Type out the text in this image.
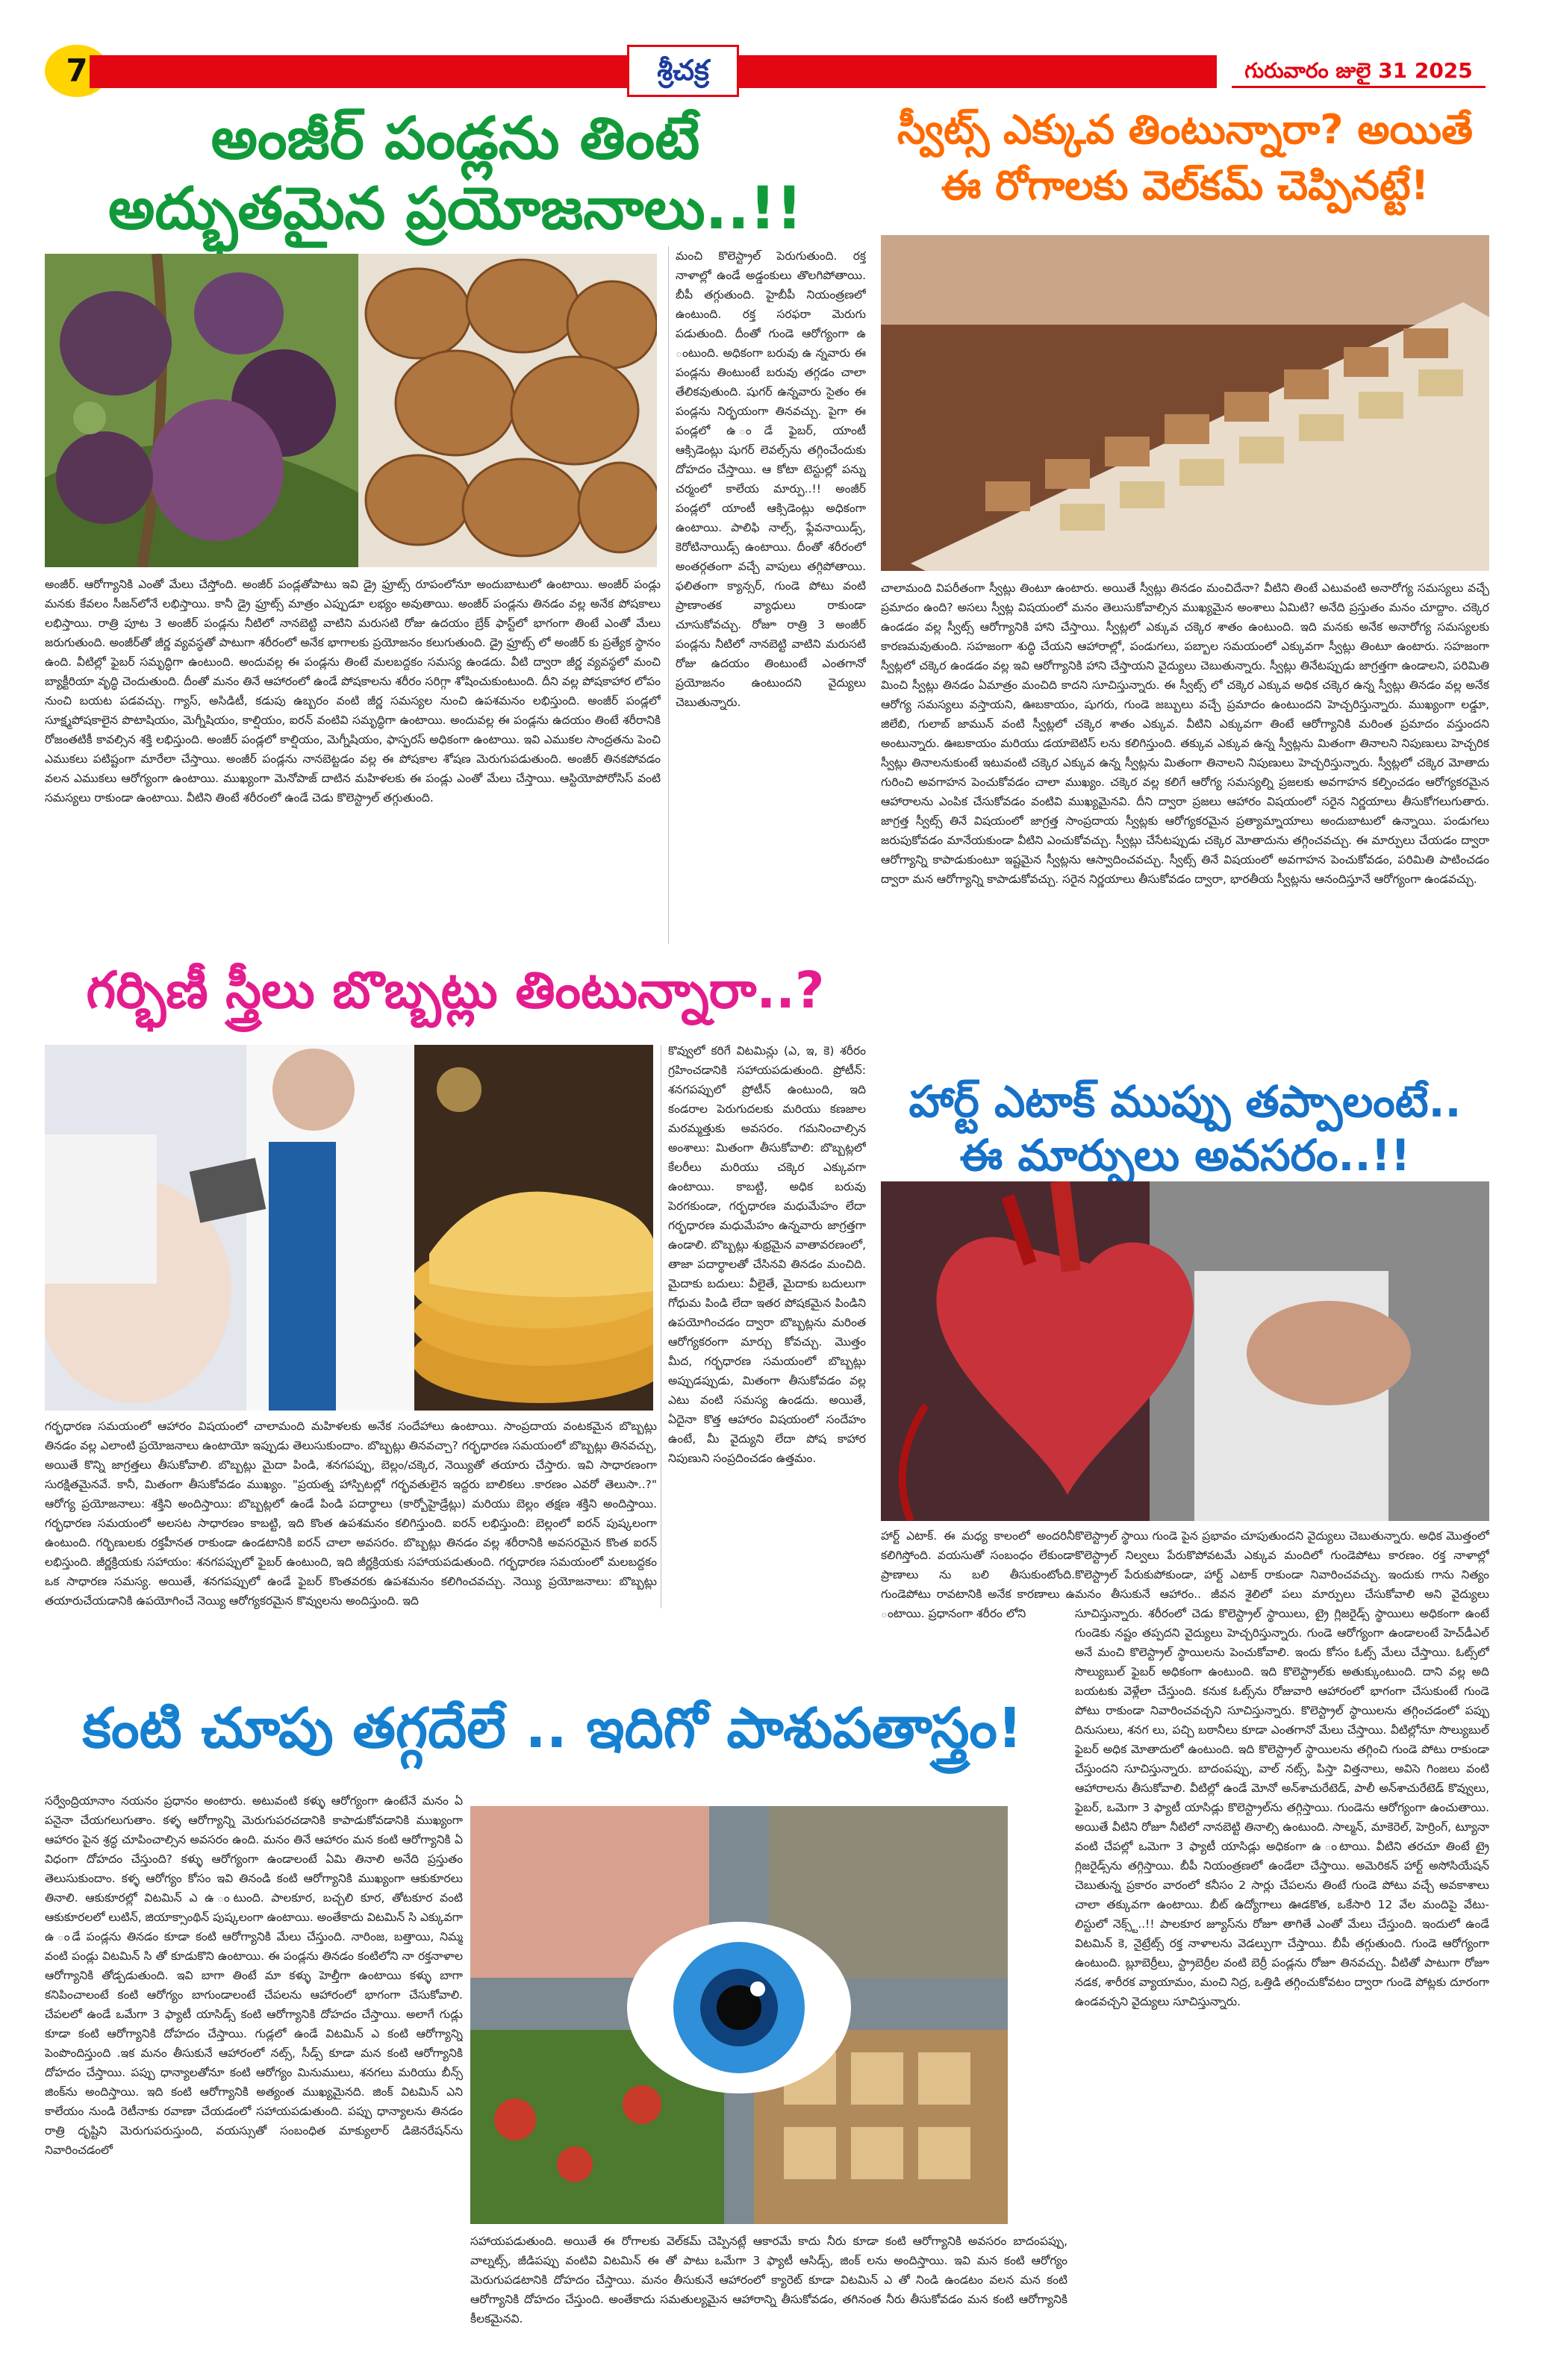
7	శ్రీచక్ర	గురువారం జులై 31 2025
అంజీర్ పండ్లను తింటే
అద్భుతమైన ప్రయోజనాలు..!!
మంచి కొలెస్ట్రాల్ పెరుగుతుంది. రక్త నాళాల్లో ఉండే అడ్డంకులు తొలగిపోతాయి. బీపీ తగ్గుతుంది. హైబీపీ నియంత్రణలో ఉంటుంది. రక్త సరఫరా మెరుగు పడుతుంది. దీంతో గుండె ఆరోగ్యంగా ఉ ంటుంది. అధికంగా బరువు ఉ న్నవారు ఈ పండ్లను తింటుంటే బరువు తగ్గడం చాలా తేలికవుతుంది. షుగర్ ఉన్నవారు సైతం ఈ పండ్లను నిర్భయంగా తినవచ్చు. పైగా ఈ పండ్లలో ఉ ండే ఫైబర్, యాంటీ ఆక్సిడెంట్లు షుగర్ లెవల్స్‌ను తగ్గించేందుకు దోహదం చేస్తాయి. ఆ కోటా టెస్టుల్లో పన్ను చర్మంలో కాలేయ మార్పు..!! అంజీర్ పండ్లలో యాంటీ ఆక్సిడెంట్లు అధికంగా ఉంటాయి. పాలిఫి నాల్స్, ఫ్లేవనాయిడ్స్, కెరోటినాయిడ్స్ ఉంటాయి. దీంతో శరీరంలో అంతర్గతంగా వచ్చే వాపులు తగ్గిపోతాయి. ఫలితంగా క్యాన్సర్, గుండె పోటు వంటి ప్రాణాంతక వ్యాధులు రాకుండా చూసుకోవచ్చు. రోజూ రాత్రి 3 అంజీర్ పండ్లను నీటిలో నానబెట్టి వాటిని మరుసటి రోజు ఉదయం తింటుంటే ఎంతగానో ప్రయోజనం ఉంటుందని వైద్యులు చెబుతున్నారు.
అంజీర్. ఆరోగ్యానికి ఎంతో మేలు చేస్తోంది. అంజీర్ పండ్లతోపాటు ఇవి డ్రై ఫ్రూట్స్ రూపంలోనూ అందుబాటులో ఉంటాయి. అంజీర్ పండ్లు మనకు కేవలం సీజన్‌లోనే లభిస్తాయి. కానీ డ్రై ఫ్రూట్స్ మాత్రం ఎప్పుడూ లభ్యం అవుతాయి. అంజీర్ పండ్లను తినడం వల్ల అనేక పోషకాలు లభిస్తాయి. రాత్రి పూట 3 అంజీర్ పండ్లను నీటిలో నానబెట్టి వాటిని మరుసటి రోజు ఉదయం బ్రేక్ ఫాస్ట్‌లో భాగంగా తింటే ఎంతో మేలు జరుగుతుంది. అంజీర్‌తో జీర్ణ వ్యవస్థతో పాటుగా శరీరంలో అనేక భాగాలకు ప్రయోజనం కలుగుతుంది. డ్రై ఫ్రూట్స్ లో అంజీర్ కు ప్రత్యేక స్థానం ఉంది. వీటిల్లో ఫైబర్ సమృద్ధిగా ఉంటుంది. అందువల్ల ఈ పండ్లను తింటే మలబద్దకం సమస్య ఉండదు. వీటి ద్వారా జీర్ణ వ్యవస్థలో మంచి బ్యాక్టీరియా వృద్ధి చెందుతుంది. దీంతో మనం తినే ఆహారంలో ఉండే పోషకాలను శరీరం సరిగ్గా శోషించుకుంటుంది. దీని వల్ల పోషకాహార లోపం నుంచి బయట పడవచ్చు. గ్యాస్, అసిడిటీ, కడుపు ఉబ్బరం వంటి జీర్ణ సమస్యల నుంచి ఉపశమనం లభిస్తుంది. అంజీర్ పండ్లలో సూక్ష్మపోషకాలైన పొటాషియం, మెగ్నీషియం, కాల్షియం, ఐరన్ వంటివి సమృద్ధిగా ఉంటాయి. అందువల్ల ఈ పండ్లను ఉదయం తింటే శరీరానికి రోజంతటికీ కావల్సిన శక్తి లభిస్తుంది. అంజీర్ పండ్లలో కాల్షియం, మెగ్నీషియం, ఫాస్ఫరస్ అధికంగా ఉంటాయి. ఇవి ఎముకల సాంద్రతను పెంచి ఎముకలు పటిష్టంగా మారేలా చేస్తాయి. అంజీర్ పండ్లను నానబెట్టడం వల్ల ఈ పోషకాల శోషణ మెరుగుపడుతుంది. అంజీర్ తినకపోవడం వలన ఎముకలు ఆరోగ్యంగా ఉంటాయి. ముఖ్యంగా మెనోపాజ్ దాటిన మహిళలకు ఈ పండ్లు ఎంతో మేలు చేస్తాయి. ఆస్టియోపోరోసిస్ వంటి సమస్యలు రాకుండా ఉంటాయి. వీటిని తింటే శరీరంలో ఉండే చెడు కొలెస్ట్రాల్ తగ్గుతుంది.
స్వీట్స్ ఎక్కువ తింటున్నారా? అయితే
ఈ రోగాలకు వెల్‌కమ్ చెప్పినట్టే!
చాలామంది విపరీతంగా స్వీట్లు తింటూ ఉంటారు. అయితే స్వీట్లు తినడం మంచిదేనా? వీటిని తింటే ఎటువంటి అనారోగ్య సమస్యలు వచ్చే ప్రమాదం ఉంది? అసలు స్వీట్ల విషయంలో మనం తెలుసుకోవాల్సిన ముఖ్యమైన అంశాలు ఏమిటి? అనేది ప్రస్తుతం మనం చూద్దాం. చక్కెర ఉండడం వల్ల స్వీట్స్ ఆరోగ్యానికి హాని చేస్తాయి. స్వీట్లలో ఎక్కువ చక్కెర శాతం ఉంటుంది. ఇది మనకు అనేక అనారోగ్య సమస్యలకు కారణమవుతుంది. సహజంగా శుద్ధి చేయని ఆహారాల్లో, పండుగలు, పబ్బాల సమయంలో ఎక్కువగా స్వీట్లు తింటూ ఉంటారు. సహజంగా స్వీట్లలో చక్కెర ఉండడం వల్ల ఇవి ఆరోగ్యానికి హాని చేస్తాయని వైద్యులు చెబుతున్నారు. స్వీట్లు తినేటప్పుడు జాగ్రత్తగా ఉండాలని, పరిమితి మించి స్వీట్లు తినడం ఏమాత్రం మంచిది కాదని సూచిస్తున్నారు. ఈ స్వీట్స్ లో చక్కెర ఎక్కువ అధిక చక్కెర ఉన్న స్వీట్లు తినడం వల్ల అనేక ఆరోగ్య సమస్యలు వస్తాయని, ఊబకాయం, షుగరు, గుండె జబ్బులు వచ్చే ప్రమాదం ఉంటుందని హెచ్చరిస్తున్నారు. ముఖ్యంగా లడ్డూ, జిలేబి, గులాబ్ జామున్ వంటి స్వీట్లలో చక్కెర శాతం ఎక్కువ. వీటిని ఎక్కువగా తింటే ఆరోగ్యానికి మరింత ప్రమాదం వస్తుందని అంటున్నారు. ఊబకాయం మరియు డయాబెటిస్ లను కలిగిస్తుంది. తక్కువ ఎక్కువ ఉన్న స్వీట్లను మితంగా తినాలని నిపుణులు హెచ్చరిక స్వీట్లు తినాలనుకుంటే ఇటువంటి చక్కెర ఎక్కువ ఉన్న స్వీట్లను మితంగా తినాలని నిపుణులు హెచ్చరిస్తున్నారు. స్వీట్లలో చక్కెర మోతాదు గురించి అవగాహన పెంచుకోవడం చాలా ముఖ్యం. చక్కెర వల్ల కలిగే ఆరోగ్య సమస్యల్ని ప్రజలకు అవగాహన కల్పించడం ఆరోగ్యకరమైన ఆహారాలను ఎంపిక చేసుకోవడం వంటివి ముఖ్యమైనవి. దీని ద్వారా ప్రజలు ఆహారం విషయంలో సరైన నిర్ణయాలు తీసుకోగలుగుతారు. జాగ్రత్త స్వీట్స్ తినే విషయంలో జాగ్రత్త సాంప్రదాయ స్వీట్లకు ఆరోగ్యకరమైన ప్రత్యామ్నాయాలు అందుబాటులో ఉన్నాయి. పండుగలు జరుపుకోవడం మానేయకుండా వీటిని ఎంచుకోవచ్చు. స్వీట్లు చేసేటప్పుడు చక్కెర మోతాదును తగ్గించవచ్చు. ఈ మార్పులు చేయడం ద్వారా ఆరోగ్యాన్ని కాపాడుకుంటూ ఇష్టమైన స్వీట్లను ఆస్వాదించవచ్చు. స్వీట్స్ తినే విషయంలో అవగాహన పెంచుకోవడం, పరిమితి పాటించడం ద్వారా మన ఆరోగ్యాన్ని కాపాడుకోవచ్చు. సరైన నిర్ణయాలు తీసుకోవడం ద్వారా, భారతీయ స్వీట్లను ఆనందిస్తూనే ఆరోగ్యంగా ఉండవచ్చు.
గర్భిణీ స్త్రీలు బొబ్బట్లు తింటున్నారా..?
కొవ్వులో కరిగే విటమిన్లు (ఎ, ఇ, కె) శరీరం గ్రహించడానికి సహాయపడుతుంది. ప్రోటీన్: శనగపప్పులో ప్రోటీన్ ఉంటుంది, ఇది కండరాల పెరుగుదలకు మరియు కణజాల మరమ్మత్తుకు అవసరం. గమనించాల్సిన అంశాలు: మితంగా తీసుకోవాలి: బొబ్బట్లలో కేలరీలు మరియు చక్కెర ఎక్కువగా ఉంటాయి. కాబట్టి, అధిక బరువు పెరగకుండా, గర్భధారణ మధుమేహం లేదా గర్భధారణ మధుమేహం ఉన్నవారు జాగ్రత్తగా ఉండాలి. బొబ్బట్లు శుభ్రమైన వాతావరణంలో, తాజా పదార్థాలతో చేసినవి తినడం మంచిది. మైదాకు బదులు: వీలైతే, మైదాకు బదులుగా గోధుమ పిండి లేదా ఇతర పోషకమైన పిండిని ఉపయోగించడం ద్వారా బొబ్బట్లను మరింత ఆరోగ్యకరంగా మార్చు కోవచ్చు. మొత్తం మీద, గర్భధారణ సమయంలో బొబ్బట్లు అప్పుడప్పుడు, మితంగా తీసుకోవడం వల్ల ఎటు వంటి సమస్య ఉండదు. అయితే, ఏదైనా కొత్త ఆహారం విషయంలో సందేహం ఉంటే, మీ వైద్యుని లేదా పోష కాహార నిపుణుని సంప్రదించడం ఉత్తమం.
గర్భధారణ సమయంలో ఆహారం విషయంలో చాలామంది మహిళలకు అనేక సందేహాలు ఉంటాయి. సాంప్రదాయ వంటకమైన బొబ్బట్లు తినడం వల్ల ఎలాంటి ప్రయోజనాలు ఉంటాయో ఇప్పుడు తెలుసుకుందాం. బొబ్బట్లు తినవచ్చా? గర్భధారణ సమయంలో బొబ్బట్లు తినవచ్చు, అయితే కొన్ని జాగ్రత్తలు తీసుకోవాలి. బొబ్బట్లు మైదా పిండి, శనగపప్పు, బెల్లం/చక్కెర, నెయ్యితో తయారు చేస్తారు. ఇవి సాధారణంగా సురక్షితమైనవే. కానీ, మితంగా తీసుకోవడం ముఖ్యం. "ప్రయత్న హాస్పిటల్లో గర్భవతులైన ఇద్దరు బాలికలు .కారణం ఎవరో తెలుసా..?" ఆరోగ్య ప్రయోజనాలు: శక్తిని అందిస్తాయి: బొబ్బట్లలో ఉండే పిండి పదార్థాలు (కార్బోహైడ్రేట్లు) మరియు బెల్లం తక్షణ శక్తిని అందిస్తాయి. గర్భధారణ సమయంలో అలసట సాధారణం కాబట్టి, ఇది కొంత ఉపశమనం కలిగిస్తుంది. ఐరన్ లభిస్తుంది: బెల్లంలో ఐరన్ పుష్కలంగా ఉంటుంది. గర్భిణులకు రక్తహీనత రాకుండా ఉండటానికి ఐరన్ చాలా అవసరం. బొబ్బట్లు తినడం వల్ల శరీరానికి అవసరమైన కొంత ఐరన్ లభిస్తుంది. జీర్ణక్రియకు సహాయం: శనగపప్పులో ఫైబర్ ఉంటుంది, ఇది జీర్ణక్రియకు సహాయపడుతుంది. గర్భధారణ సమయంలో మలబద్దకం ఒక సాధారణ సమస్య. అయితే, శనగపప్పులో ఉండే ఫైబర్ కొంతవరకు ఉపశమనం కలిగించవచ్చు. నెయ్యి ప్రయోజనాలు: బొబ్బట్లు తయారుచేయడానికి ఉపయోగించే నెయ్యి ఆరోగ్యకరమైన కొవ్వులను అందిస్తుంది. ఇది
హార్ట్ ఎటాక్ ముప్పు తప్పాలంటే..
ఈ మార్పులు అవసరం..!!
హార్ట్ ఎటాక్. ఈ మధ్య కాలంలో అందరినీ కలిగిస్తోంది. వయసుతో సంబంధం లేకుండా ప్రాణాలు ను బలి తీసుకుంటోంది. గుండెపోటు రావటానికి అనేక కారణాలు ఉ ంటాయి. ప్రధానంగా శరీరం లోని
కొలెస్ట్రాల్ స్థాయి గుండె పైన ప్రభావం చూపుతుందని వైద్యులు చెబుతున్నారు. అధిక మొత్తంలో కొలెస్ట్రాల్ నిల్వలు పేరుకొపోవటమే ఎక్కువ మందిలో గుండెపోటు కారణం. రక్త నాళాల్లో కొలెస్ట్రాల్ పేరుకుపోకుండా, హార్ట్ ఎటాక్ రాకుండా నివారించవచ్చు. ఇందుకు గాను నిత్యం మనం తీసుకునే ఆహారం.. జీవన శైలిలో పలు మార్పులు చేసుకోవాలి అని వైద్యులు సూచిస్తున్నారు. శరీరంలో చెడు కొలెస్ట్రాల్ స్థాయిలు, ట్రై గ్లిజరైడ్స్ స్థాయిలు అధికంగా ఉంటే గుండెకు నష్టం తప్పదని వైద్యులు హెచ్చరిస్తున్నారు. గుండె ఆరోగ్యంగా ఉండాలంటే హెచ్‌డీఎల్ అనే మంచి కొలెస్ట్రాల్ స్థాయిలను పెంచుకోవాలి. ఇందు కోసం ఓట్స్ మేలు చేస్తాయి. ఓట్స్‌లో సొల్యుబుల్ ఫైబర్ అధికంగా ఉంటుంది. ఇది కొలెస్ట్రాల్‌కు అతుక్కుంటుంది. దాని వల్ల అది బయటకు వెళ్లేలా చేస్తుంది. కనుక ఓట్స్‌ను రోజువారి ఆహారంలో భాగంగా చేసుకుంటే గుండె పోటు రాకుండా నివారించవచ్చని సూచిస్తున్నారు. కొలెస్ట్రాల్ స్థాయిలను తగ్గించడంలో పప్పు దినుసులు, శనగ లు, పచ్చి బఠానీలు కూడా ఎంతగానో మేలు చేస్తాయి. వీటిల్లోనూ సొల్యుబుల్ ఫైబర్ అధిక మోతాదులో ఉంటుంది. ఇది కొలెస్ట్రాల్ స్థాయిలను తగ్గించి గుండె పోటు రాకుండా చేస్తుందని సూచిస్తున్నారు. బాదంపప్పు, వాల్ నట్స్, పిస్తా విత్తనాలు, అవిసె గింజలు వంటి ఆహారాలను తీసుకోవాలి. వీటిల్లో ఉండే మోనో అన్‌శాచురేటెడ్, పాలీ అన్‌శాచురేటెడ్ కొవ్వులు, ఫైబర్, ఒమెగా 3 ఫ్యాటీ యాసిడ్లు కొలెస్ట్రాల్‌ను తగ్గిస్తాయి. గుండెను ఆరోగ్యంగా ఉంచుతాయి. అయితే వీటిని రోజూ నీటిలో నానబెట్టి తినాల్సి ఉంటుంది. సాల్మన్, మాకెరెల్, హెర్రింగ్, ట్యూనా వంటి చేపల్లో ఒమెగా 3 ఫ్యాటీ యాసిడ్లు అధికంగా ఉ ంటాయి. వీటిని తరచూ తింటే ట్రై గ్లిజరైడ్స్‌ను తగ్గిస్తాయి. బీపీ నియంత్రణలో ఉండేలా చేస్తాయి. అమెరికన్ హార్ట్ అసోసియేషన్ చెబుతున్న ప్రకారం వారంలో కనీసం 2 సార్లు చేపలను తింటే గుండె పోటు వచ్చే అవకాశాలు చాలా తక్కువగా ఉంటాయి. బీట్ ఉద్యోగాలు ఊడకొత, ఒకేసారి 12 వేల మందిపై వేటు- లిస్టులో నెక్స్ట్..!! పాలకూర జ్యూస్‌ను రోజూ తాగితే ఎంతో మేలు చేస్తుంది. ఇందులో ఉండే విటమిన్ కె, నైట్రేట్స్ రక్త నాళాలను వెడల్పుగా చేస్తాయి. బీపీ తగ్గుతుంది. గుండె ఆరోగ్యంగా ఉంటుంది. బ్లూబెర్రీలు, స్ట్రాబెర్రీల వంటి బెర్రీ పండ్లను రోజూ తినవచ్చు. వీటితో పాటుగా రోజూ నడక, శారీరక వ్యాయామం, మంచి నిద్ర, ఒత్తిడి తగ్గించుకోవటం ద్వారా గుండె పోట్లకు దూరంగా ఉండవచ్చని వైద్యులు సూచిస్తున్నారు.
కంటి చూపు తగ్గదేలే .. ఇదిగో పాశుపతాస్త్రం!
సర్వేంద్రియానాం నయనం ప్రధానం అంటారు. అటువంటి కళ్ళు ఆరోగ్యంగా ఉంటేనే మనం ఏ పనైనా చేయగలుగుతాం. కళ్ళ ఆరోగ్యాన్ని మెరుగుపరచడానికి కాపాడుకోవడానికి ముఖ్యంగా ఆహారం పైన శ్రద్ధ చూపించాల్సిన అవసరం ఉంది. మనం తినే ఆహారం మన కంటి ఆరోగ్యానికి ఏ విధంగా దోహదం చేస్తుంది? కళ్ళు ఆరోగ్యంగా ఉండాలంటే ఏమి తినాలి అనేది ప్రస్తుతం తెలుసుకుందాం. కళ్ళ ఆరోగ్యం కోసం ఇవి తినండి కంటి ఆరోగ్యానికి ముఖ్యంగా ఆకుకూరలు తినాలి. ఆకుకూరల్లో విటమిన్ ఎ ఉ ంటుంది. పాలకూర, బచ్చలి కూర, తోటకూర వంటి ఆకుకూరలలో లుటిన్, జియాక్సాంథిన్ పుష్కలంగా ఉంటాయి. అంతేకాదు విటమిన్ సి ఎక్కువగా ఉ ండే పండ్లను తినడం కూడా కంటి ఆరోగ్యానికి మేలు చేస్తుంది. నారింజ, బత్తాయి, నిమ్మ వంటి పండ్లు విటమిన్ సి తో కూడుకొని ఉంటాయి. ఈ పండ్లను తినడం కంటిలోని నా రక్తనాళాల ఆరోగ్యానికి తోడ్పడుతుంది. ఇవి బాగా తింటే మా కళ్ళు హెల్తీగా ఉంటాయి కళ్ళు బాగా కనిపించాలంటే కంటి ఆరోగ్యం బాగుండాలంటే చేపలను ఆహారంలో భాగంగా చేసుకోవాలి. చేపలలో ఉండే ఒమేగా 3 ఫ్యాటీ యాసిడ్స్ కంటి ఆరోగ్యానికి దోహదం చేస్తాయి. అలాగే గుడ్లు కూడా కంటి ఆరోగ్యానికి దోహదం చేస్తాయి. గుడ్లలో ఉండే విటమిన్ ఎ కంటి ఆరోగ్యాన్ని పెంపొందిస్తుంది .ఇక మనం తీసుకునే ఆహారంలో నట్స్, సీడ్స్ కూడా మన కంటి ఆరోగ్యానికి దోహదం చేస్తాయి. పప్పు ధాన్యాలతోనూ కంటి ఆరోగ్యం మినుములు, శనగలు మరియు బీన్స్ జింక్‌ను అందిస్తాయి. ఇది కంటి ఆరోగ్యానికి అత్యంత ముఖ్యమైనది. జింక్ విటమిన్ ఎని కాలేయం నుండి రెటీనాకు రవాణా చేయడంలో సహాయపడుతుంది. పప్పు ధాన్యాలను తినడం రాత్రి దృష్టిని మెరుగుపరుస్తుంది, వయస్సుతో సంబంధిత మాక్యులార్ డిజెనరేషన్‌ను నివారించడంలో
సహాయపడుతుంది. అయితే ఈ రోగాలకు వెల్‌కమ్ చెప్పినట్లే ఆకారమే కాదు నీరు కూడా కంటి ఆరోగ్యానికి అవసరం బాదంపప్పు, వాల్నట్స్, జీడిపప్పు వంటివి విటమిన్ ఈ తో పాటు ఒమేగా 3 ఫ్యాటీ ఆసిడ్స్, జింక్ లను అందిస్తాయి. ఇవి మన కంటి ఆరోగ్యం మెరుగుపడటానికి దోహదం చేస్తాయి. మనం తీసుకునే ఆహారంలో క్యారెట్ కూడా విటమిన్ ఎ తో నిండి ఉండటం వలన మన కంటి ఆరోగ్యానికి దోహదం చేస్తుంది. అంతేకాదు సమతుల్యమైన ఆహారాన్ని తీసుకోవడం, తగినంత నీరు తీసుకోవడం మన కంటి ఆరోగ్యానికి కీలకమైనవి.
